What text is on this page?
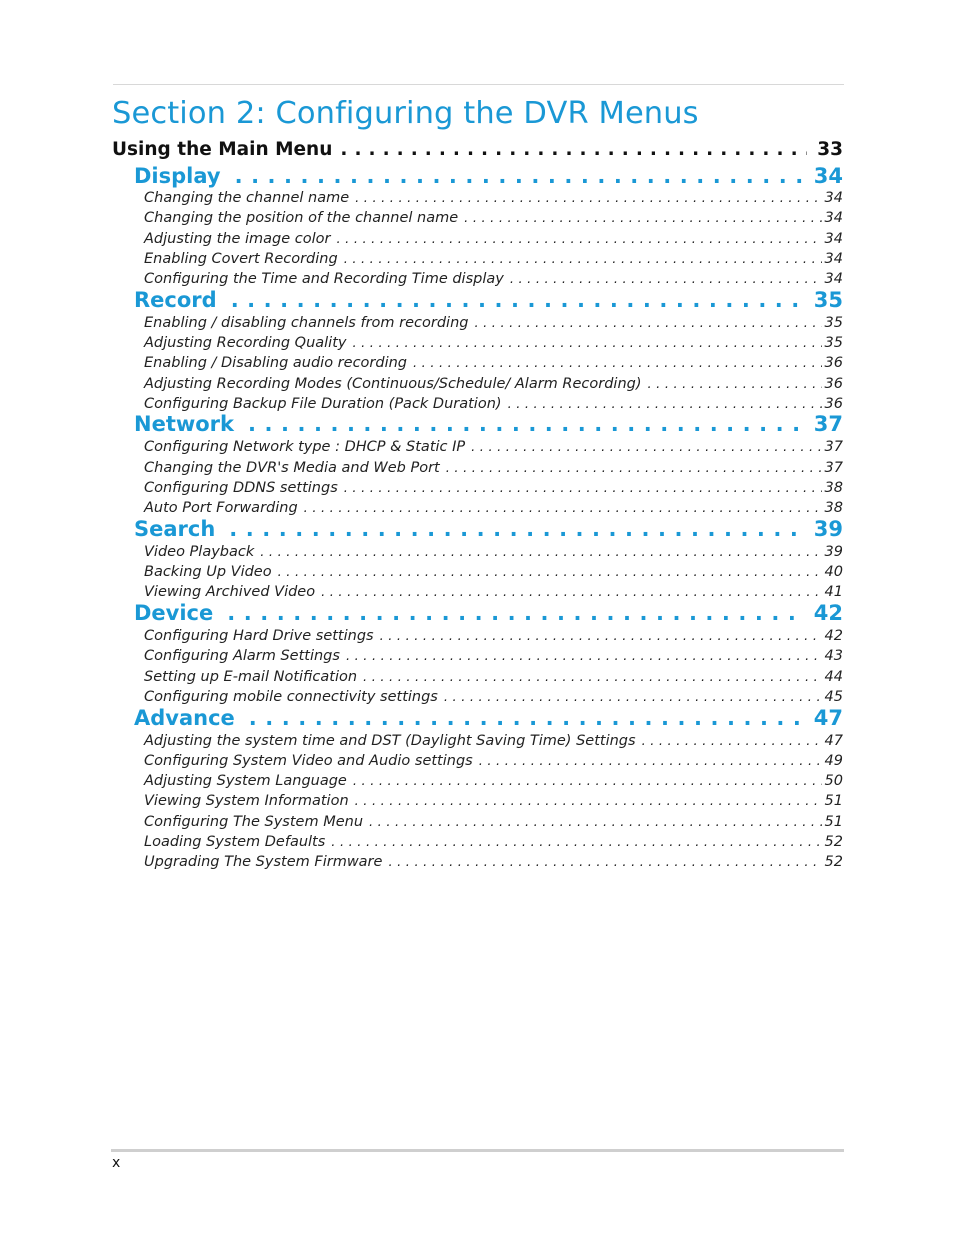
Section 2: Configuring the DVR Menus
Using the Main Menu . . .	33
Display . . .	34
Changing the channel name . . .	34
Changing the position of the channel name . . .	34
Adjusting the image color . . .	34
Enabling Covert Recording . . .	34
Configuring the Time and Recording Time display . . .	34
Record . . .	35
Enabling / disabling channels from recording . . .	35
Adjusting Recording Quality . . .	35
Enabling / Disabling audio recording . . .	36
Adjusting Recording Modes (Continuous/Schedule/ Alarm Recording) . . .	36
Configuring Backup File Duration (Pack Duration) . . .	36
Network . . .	37
Configuring Network type : DHCP & Static IP . . .	37
Changing the DVR's Media and Web Port . . .	37
Configuring DDNS settings . . .	38
Auto Port Forwarding . . .	38
Search . . .	39
Video Playback . . .	39
Backing Up Video . . .	40
Viewing Archived Video . . .	41
Device . . .	42
Configuring Hard Drive settings . . .	42
Configuring Alarm Settings . . .	43
Setting up E-mail Notification . . .	44
Configuring mobile connectivity settings . . .	45
Advance . . .	47
Adjusting the system time and DST (Daylight Saving Time) Settings . . .	47
Configuring System Video and Audio settings . . .	49
Adjusting System Language . . .	50
Viewing System Information . . .	51
Configuring The System Menu . . .	51
Loading System Defaults . . .	52
Upgrading The System Firmware . . .	52
x
